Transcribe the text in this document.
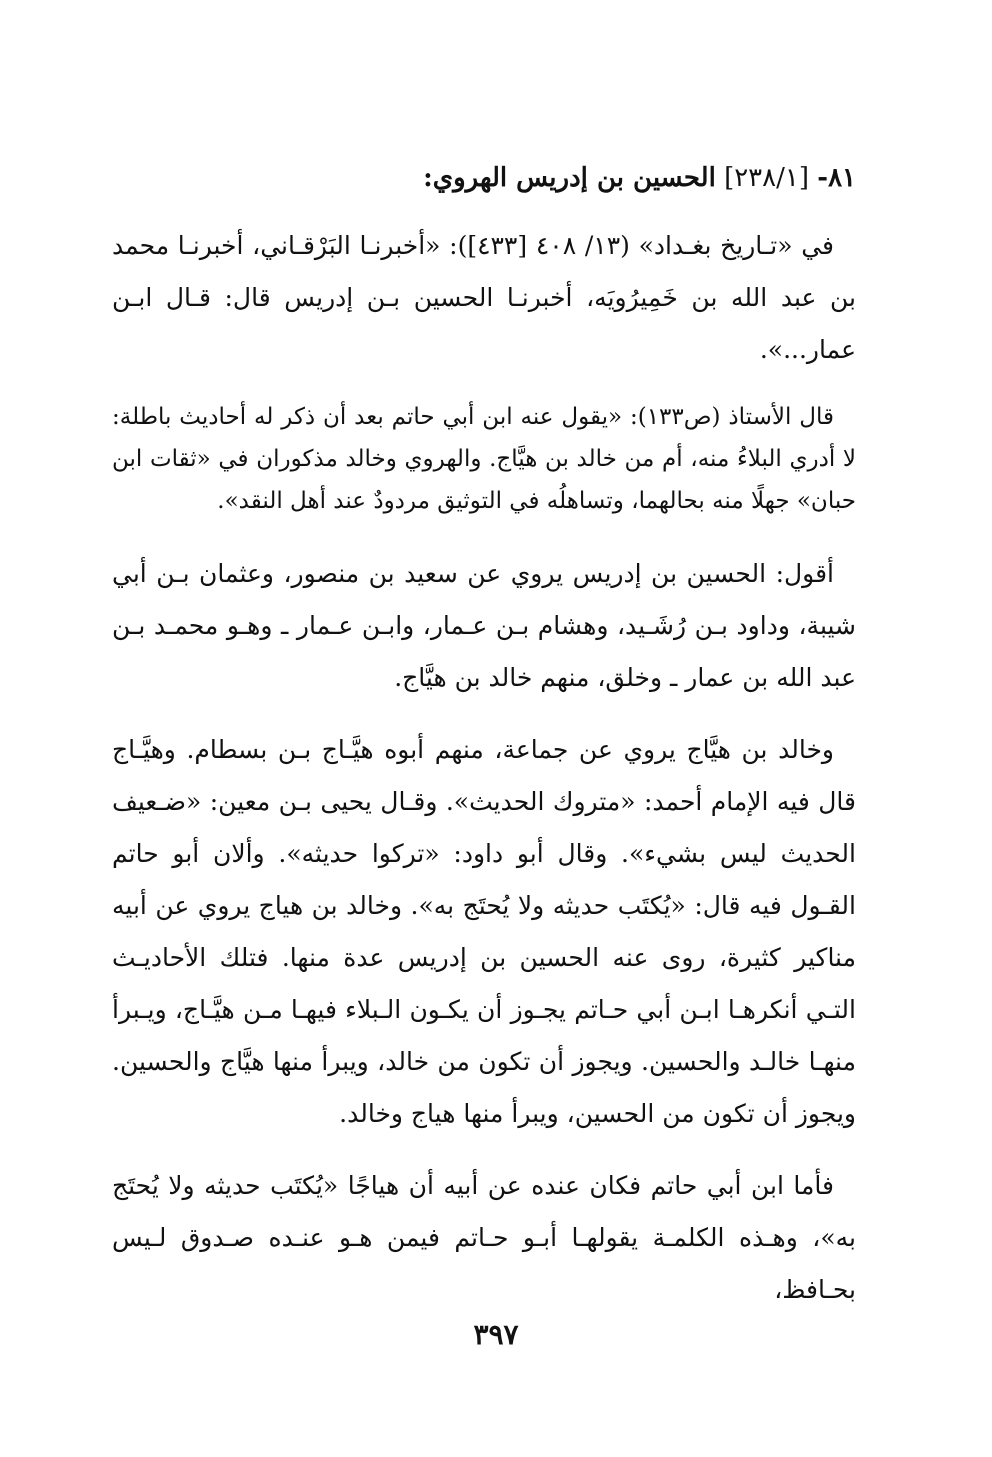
٨١- [٢٣٨/١] الحسين بن إدريس الهروي:

في «تـاريخ بغـداد» (١٣/ ٤٠٨ [٤٣٣]): «أخبرنـا البَرْقـاني، أخبرنـا محمد بن عبد الله بن خَمِيرُويَه، أخبرنـا الحسين بـن إدريس قال: قـال ابـن عمار...».

قال الأستاذ (ص١٣٣): «يقول عنه ابن أبي حاتم بعد أن ذكر له أحاديث باطلة: لا أدري البلاءُ منه، أم من خالد بن هيَّاج. والهروي وخالد مذكوران في «ثقات ابن حبان» جهلًا منه بحالهما، وتساهلُه في التوثيق مردودٌ عند أهل النقد».

أقول: الحسين بن إدريس يروي عن سعيد بن منصور، وعثمان بـن أبي شيبة، وداود بـن رُشَـيد، وهشام بـن عـمار، وابـن عـمار ـ وهـو محمـد بـن عبد الله بن عمار ـ وخلق، منهم خالد بن هيَّاج.

وخالد بن هيَّاج يروي عن جماعة، منهم أبوه هيَّـاج بـن بسطام. وهيَّـاج قال فيه الإمام أحمد: «متروك الحديث». وقـال يحيى بـن معين: «ضـعيف الحديث ليس بشيء». وقال أبو داود: «تركوا حديثه». وألان أبو حاتم القـول فيه قال: «يُكتَب حديثه ولا يُحتَج به». وخالد بن هياج يروي عن أبيه مناكير كثيرة، روى عنه الحسين بن إدريس عدة منها. فتلك الأحاديـث التـي أنكرهـا ابـن أبي حـاتم يجـوز أن يكـون الـبلاء فيهـا مـن هيَّـاج، ويـبرأ منهـا خالـد والحسين. ويجوز أن تكون من خالد، ويبرأ منها هيَّاج والحسين. ويجوز أن تكون من الحسين، ويبرأ منها هياج وخالد.

فأما ابن أبي حاتم فكان عنده عن أبيه أن هياجًا «يُكتَب حديثه ولا يُحتَج به»، وهـذه الكلمـة يقولهـا أبـو حـاتم فيمن هـو عنـده صـدوق لـيس بحـافظ،

٣٩٧
